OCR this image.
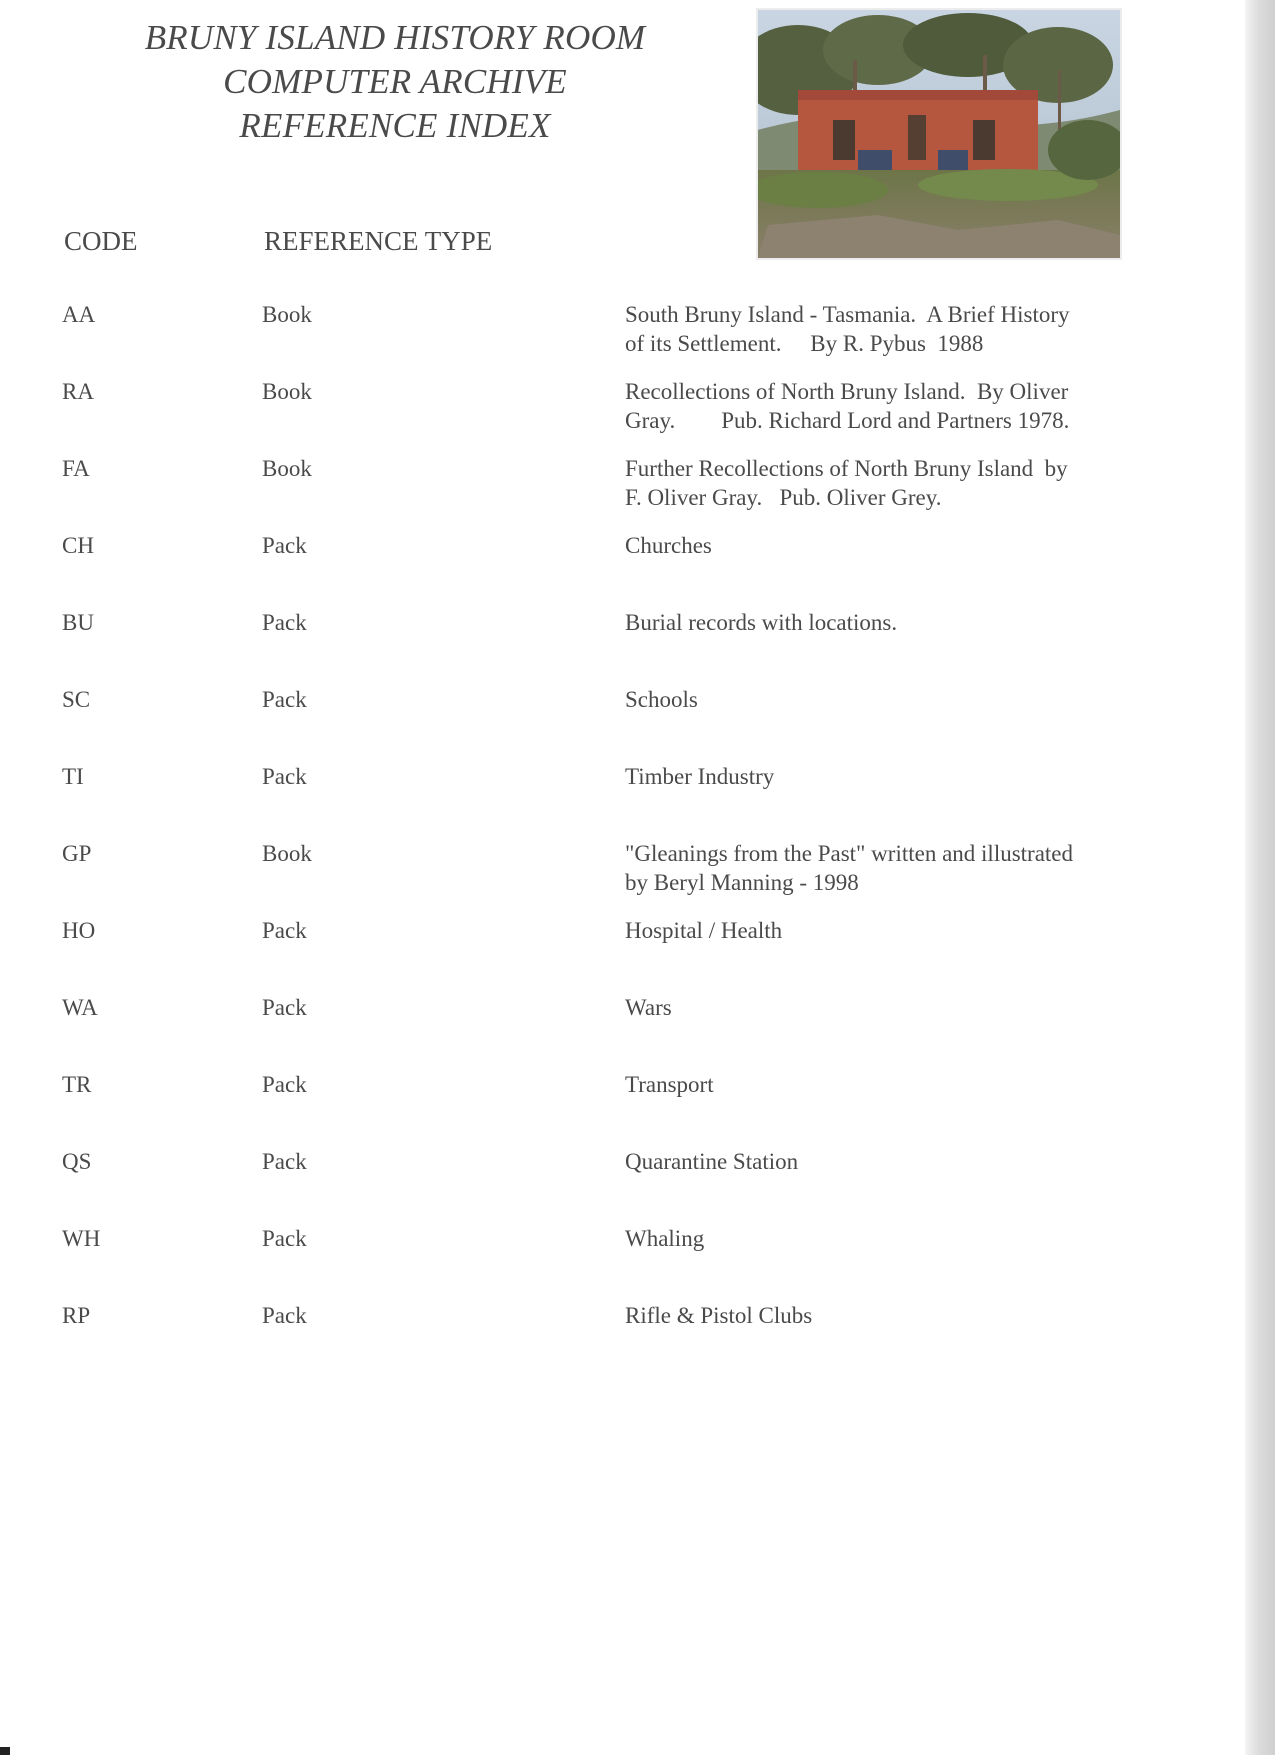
BRUNY ISLAND HISTORY ROOM
COMPUTER ARCHIVE
REFERENCE INDEX
CODE	REFERENCE TYPE
AA	Book	South Bruny Island - Tasmania.  A Brief History
of its Settlement.     By R. Pybus  1988
RA	Book	Recollections of North Bruny Island.  By Oliver
Gray.        Pub. Richard Lord and Partners 1978.
FA	Book	Further Recollections of North Bruny Island  by
F. Oliver Gray.   Pub. Oliver Grey.
CH	Pack	Churches
BU	Pack	Burial records with locations.
SC	Pack	Schools
TI	Pack	Timber Industry
GP	Book	"Gleanings from the Past" written and illustrated
by Beryl Manning - 1998
HO	Pack	Hospital / Health
WA	Pack	Wars
TR	Pack	Transport
QS	Pack	Quarantine Station
WH	Pack	Whaling
RP	Pack	Rifle & Pistol Clubs
